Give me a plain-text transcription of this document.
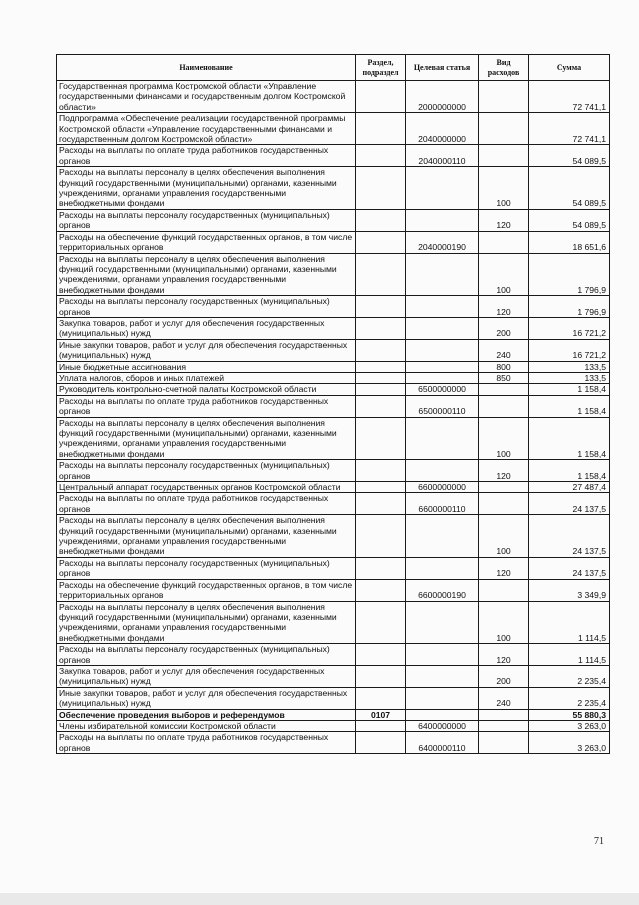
Наименование	Раздел, подраздел	Целевая статья	Вид расходов	Сумма
Государственная программа Костромской области «Управление государственными финансами и государственным долгом Костромской области»		2000000000		72 741,1
Подпрограмма «Обеспечение реализации государственной программы Костромской области «Управление государственными финансами и государственным долгом Костромской области»		2040000000		72 741,1
Расходы на выплаты по оплате труда работников государственных органов		2040000110		54 089,5
Расходы на выплаты персоналу в целях обеспечения выполнения функций государственными (муниципальными) органами, казенными учреждениями, органами управления государственными внебюджетными фондами			100	54 089,5
Расходы на выплаты персоналу государственных (муниципальных) органов			120	54 089,5
Расходы на обеспечение функций государственных органов, в том числе территориальных органов		2040000190		18 651,6
Расходы на выплаты персоналу в целях обеспечения выполнения функций государственными (муниципальными) органами, казенными учреждениями, органами управления государственными внебюджетными фондами			100	1 796,9
Расходы на выплаты персоналу государственных (муниципальных) органов			120	1 796,9
Закупка товаров, работ и услуг для обеспечения государственных (муниципальных) нужд			200	16 721,2
Иные закупки товаров, работ и услуг для обеспечения государственных (муниципальных) нужд			240	16 721,2
Иные бюджетные ассигнования			800	133,5
Уплата налогов, сборов и иных платежей			850	133,5
Руководитель контрольно-счетной палаты Костромской области		6500000000		1 158,4
Расходы на выплаты по оплате труда работников государственных органов		6500000110		1 158,4
Расходы на выплаты персоналу в целях обеспечения выполнения функций государственными (муниципальными) органами, казенными учреждениями, органами управления государственными внебюджетными фондами			100	1 158,4
Расходы на выплаты персоналу государственных (муниципальных) органов			120	1 158,4
Центральный аппарат государственных органов Костромской области		6600000000		27 487,4
Расходы на выплаты по оплате труда работников государственных органов		6600000110		24 137,5
Расходы на выплаты персоналу в целях обеспечения выполнения функций государственными (муниципальными) органами, казенными учреждениями, органами управления государственными внебюджетными фондами			100	24 137,5
Расходы на выплаты персоналу государственных (муниципальных) органов			120	24 137,5
Расходы на обеспечение функций государственных органов, в том числе территориальных органов		6600000190		3 349,9
Расходы на выплаты персоналу в целях обеспечения выполнения функций государственными (муниципальными) органами, казенными учреждениями, органами управления государственными внебюджетными фондами			100	1 114,5
Расходы на выплаты персоналу государственных (муниципальных) органов			120	1 114,5
Закупка товаров, работ и услуг для обеспечения государственных (муниципальных) нужд			200	2 235,4
Иные закупки товаров, работ и услуг для обеспечения государственных (муниципальных) нужд			240	2 235,4
Обеспечение проведения выборов и референдумов	0107			55 880,3
Члены избирательной комиссии Костромской области		6400000000		3 263,0
Расходы на выплаты по оплате труда работников государственных органов		6400000110		3 263,0
71
